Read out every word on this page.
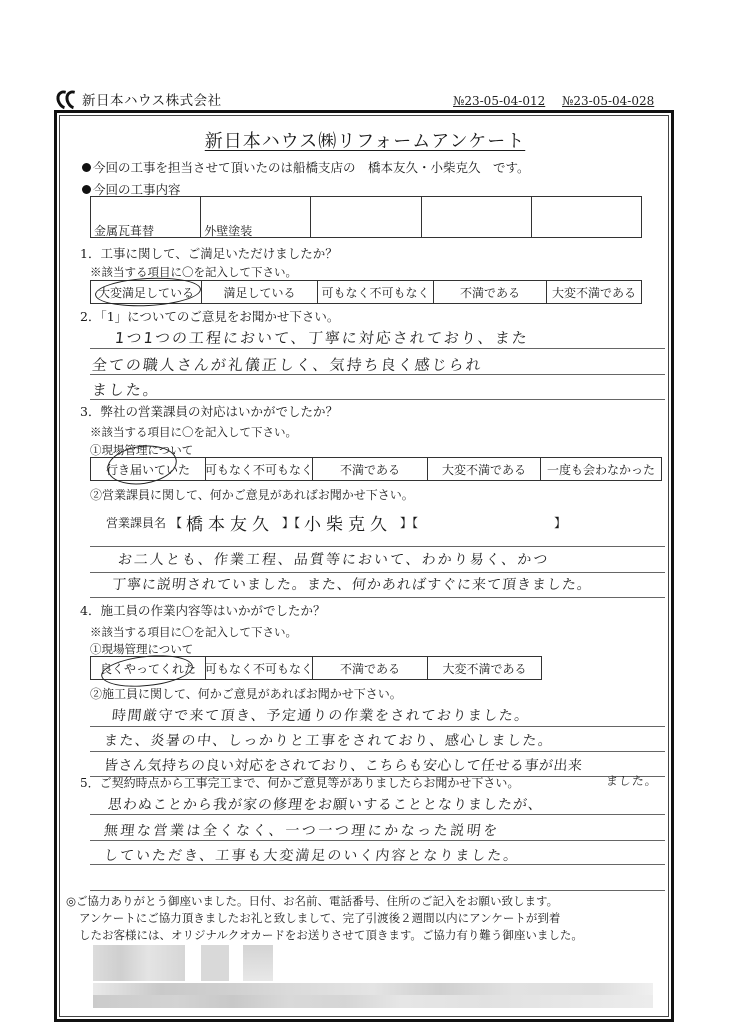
新日本ハウス株式会社	№23-05-04-012 №23-05-04-028
新日本ハウス㈱リフォームアンケート
今回の工事を担当させて頂いたのは船橋支店の　橋本友久・小柴克久　です。
今回の工事内容
金属瓦葺替	外壁塗装
1．工事に関して、ご満足いただけましたか？
※該当する項目に〇を記入して下さい。
大変満足している 満足している 可もなく不可もなく	不満である	大変不満である
2．「1」についてのご意見をお聞かせ下さい。
1つ1つの工程において、丁寧に対応されており、また
全ての職人さんが礼儀正しく、気持ち良く感じられ
ました。
3．弊社の営業課員の対応はいかがでしたか？
※該当する項目に〇を記入して下さい。
①現場管理について
行き届いていた 可もなく不可もなく 不満である	大変不満である 一度も会わなかった
②営業課員に関して、何かご意見があればお聞かせ下さい。
営業課員名 【 橋本友久 】【 小柴克久 】【	】
お二人とも、作業工程、品質等において、わかり易く、かつ
丁寧に説明されていました。また、何かあればすぐに来て頂きました。
4．施工員の作業内容等はいかがでしたか？
※該当する項目に〇を記入して下さい。
①現場管理について
良くやってくれた 可もなく不可もなく 不満である	大変不満である
②施工員に関して、何かご意見があればお聞かせ下さい。
時間厳守で来て頂き、予定通りの作業をされておりました。
また、炎暑の中、しっかりと工事をされており、感心しました。
皆さん気持ちの良い対応をされており、こちらも安心して任せる事が出来
5．ご契約時点から工事完工まで、何かご意見等がありましたらお聞かせ下さい。	ました。
思わぬことから我が家の修理をお願いすることとなりましたが、
無理な営業は全くなく、一つ一つ理にかなった説明を
していただき、工事も大変満足のいく内容となりました。
◎ご協力ありがとう御座いました。日付、お名前、電話番号、住所のご記入をお願い致します。
アンケートにご協力頂きましたお礼と致しまして、完了引渡後２週間以内にアンケートが到着
したお客様には、オリジナルクオカードをお送りさせて頂きます。ご協力有り難う御座いました。
